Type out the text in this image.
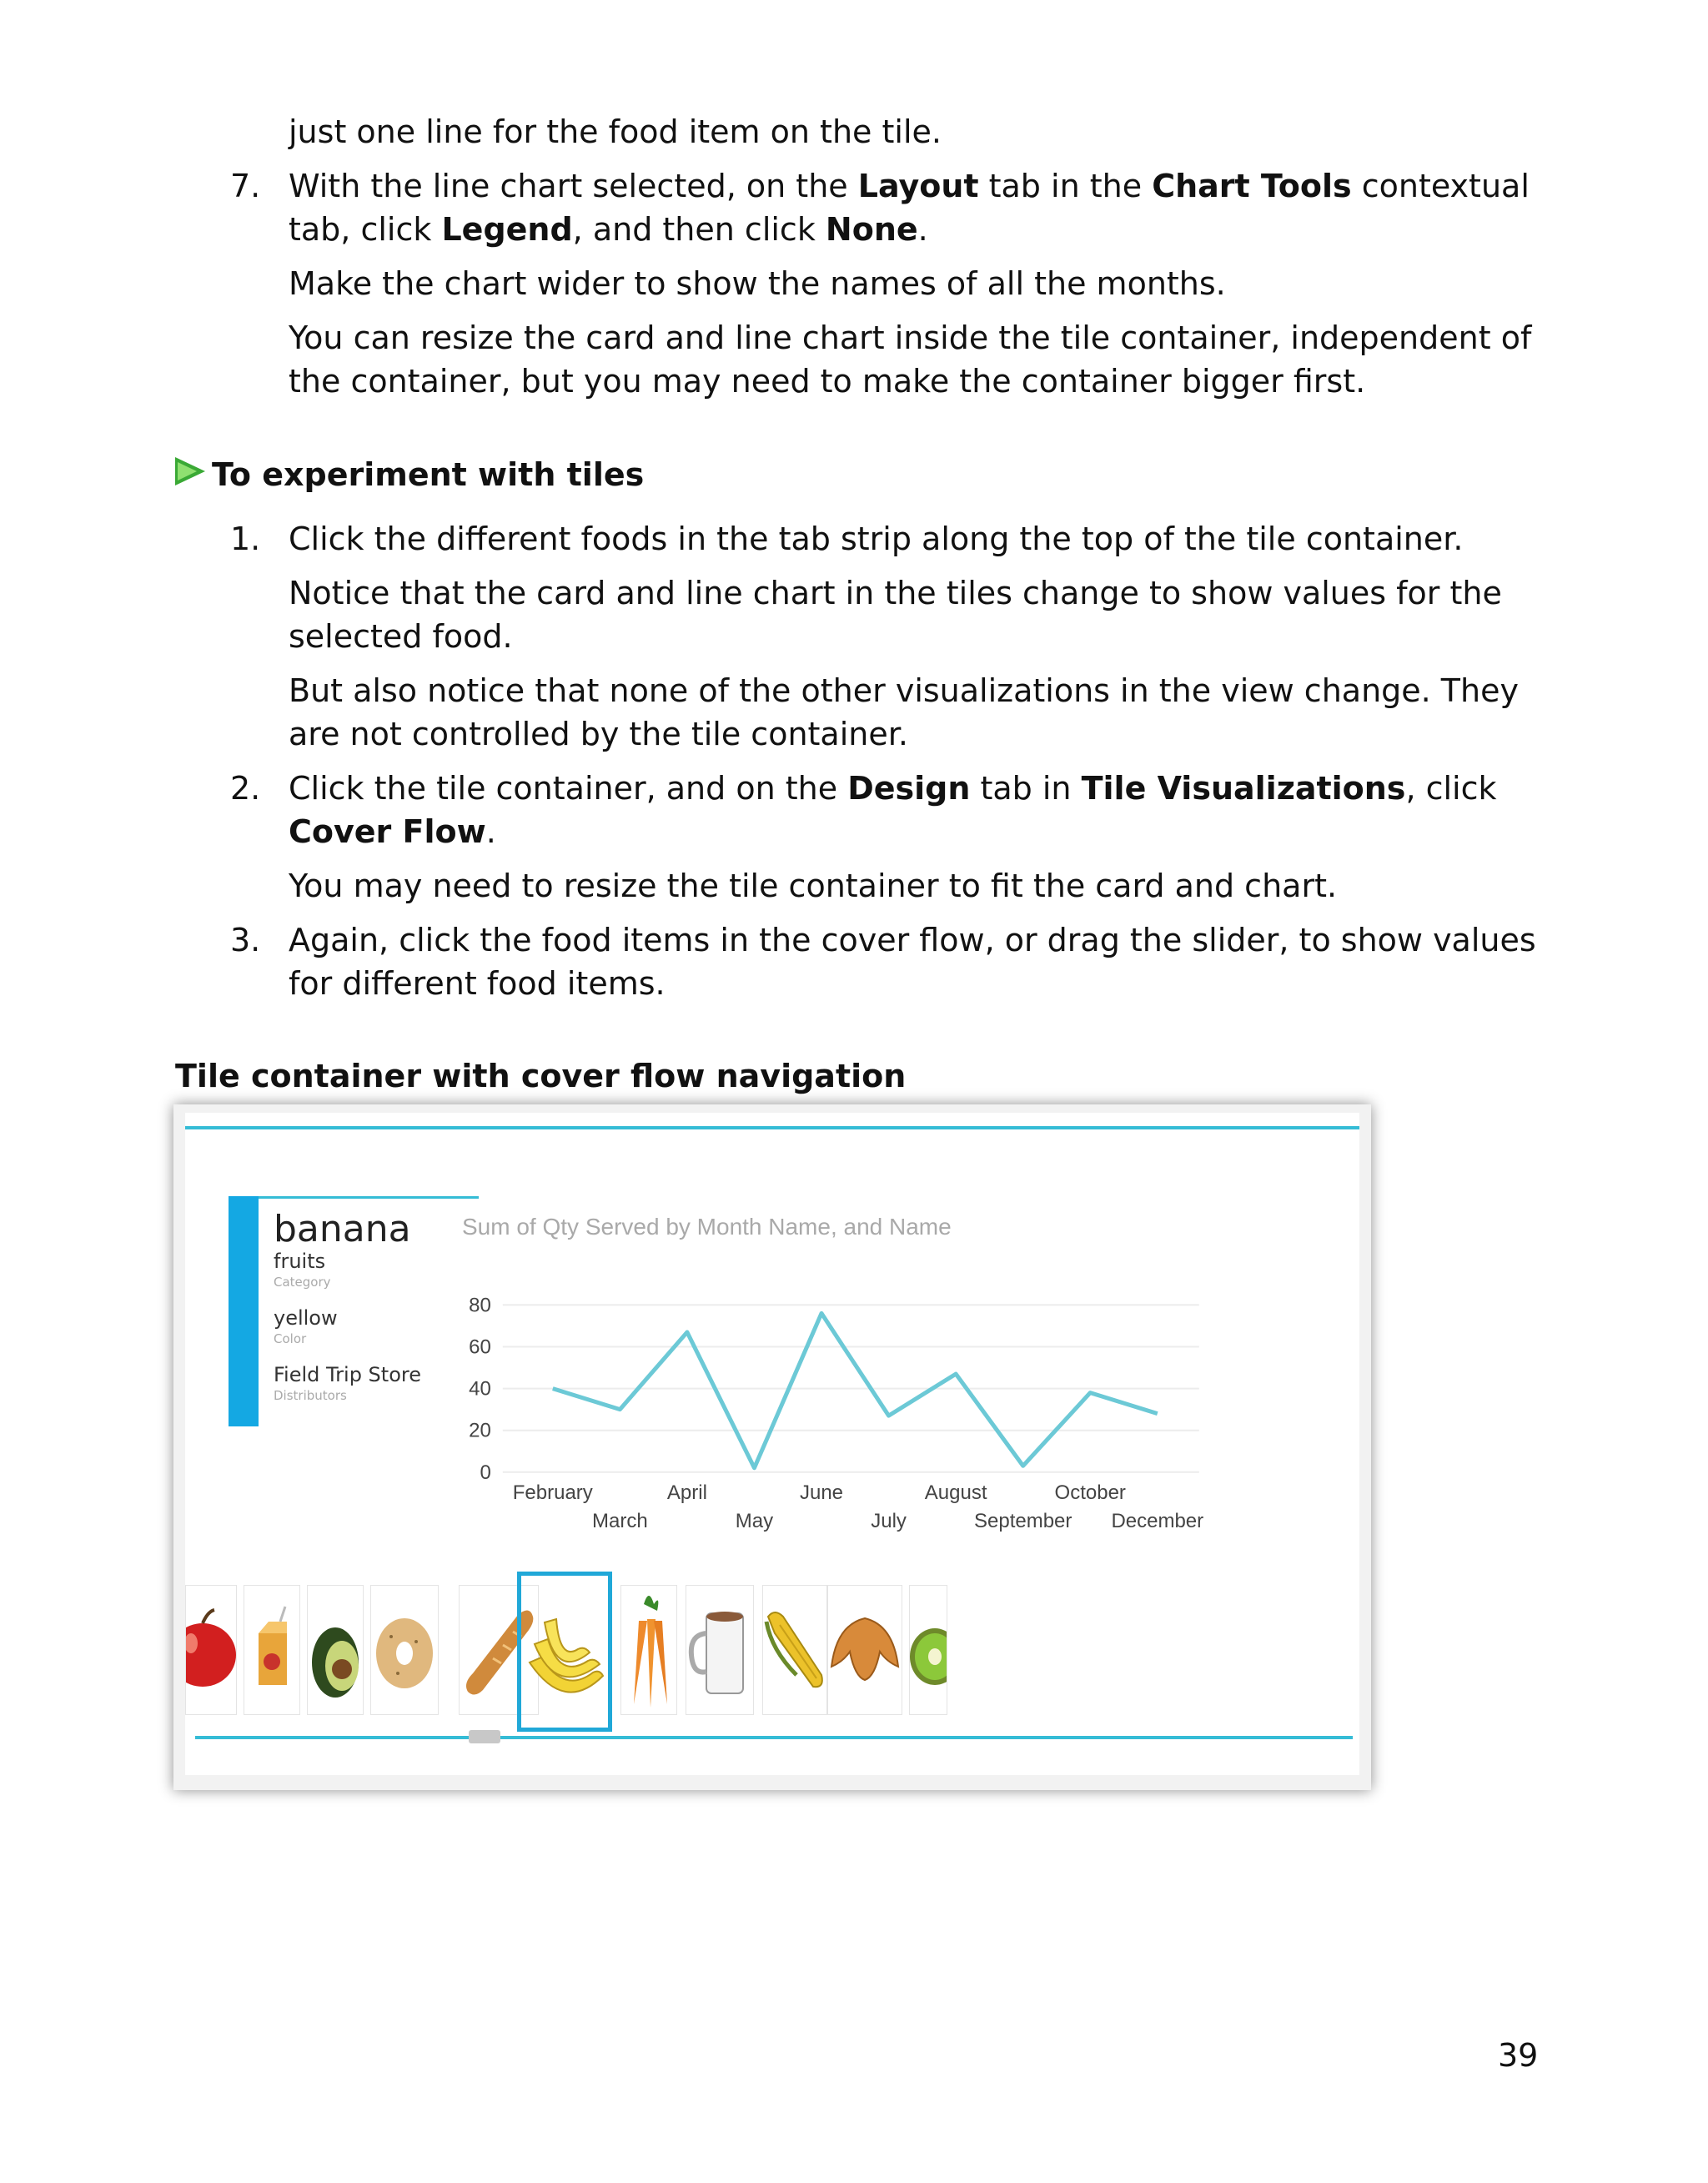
just one line for the food item on the tile.
7. With the line chart selected, on the Layout tab in the Chart Tools contextual tab, click Legend, and then click None.
Make the chart wider to show the names of all the months.
You can resize the card and line chart inside the tile container, independent of the container, but you may need to make the container bigger first.
To experiment with tiles
1. Click the different foods in the tab strip along the top of the tile container.
Notice that the card and line chart in the tiles change to show values for the selected food.
But also notice that none of the other visualizations in the view change. They are not controlled by the tile container.
2. Click the tile container, and on the Design tab in Tile Visualizations, click Cover Flow.
You may need to resize the tile container to fit the card and chart.
3. Again, click the food items in the cover flow, or drag the slider, to show values for different food items.
Tile container with cover flow navigation
banana
fruits
Category
yellow
Color
Field Trip Store
Distributors
Sum of Qty Served by Month Name, and Name
0
20
40
60
80
February
March
April
May
June
July
August
September
October
December
39
